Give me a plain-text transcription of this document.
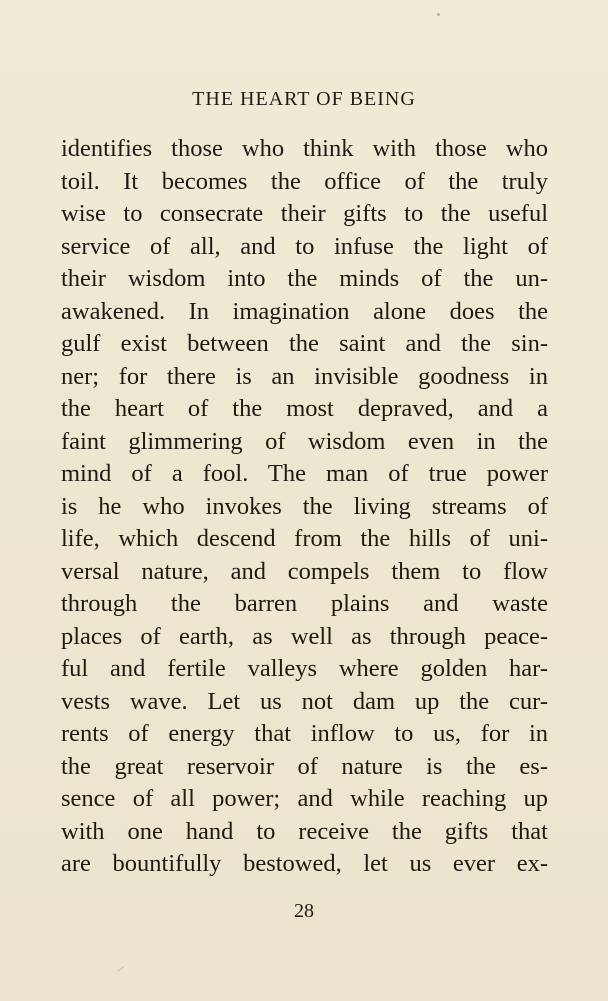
THE HEART OF BEING
identifies those who think with those who
toil. It becomes the office of the truly
wise to consecrate their gifts to the useful
service of all, and to infuse the light of
their wisdom into the minds of the un-
awakened. In imagination alone does the
gulf exist between the saint and the sin-
ner; for there is an invisible goodness in
the heart of the most depraved, and a
faint glimmering of wisdom even in the
mind of a fool. The man of true power
is he who invokes the living streams of
life, which descend from the hills of uni-
versal nature, and compels them to flow
through the barren plains and waste
places of earth, as well as through peace-
ful and fertile valleys where golden har-
vests wave. Let us not dam up the cur-
rents of energy that inflow to us, for in
the great reservoir of nature is the es-
sence of all power; and while reaching up
with one hand to receive the gifts that
are bountifully bestowed, let us ever ex-
28
